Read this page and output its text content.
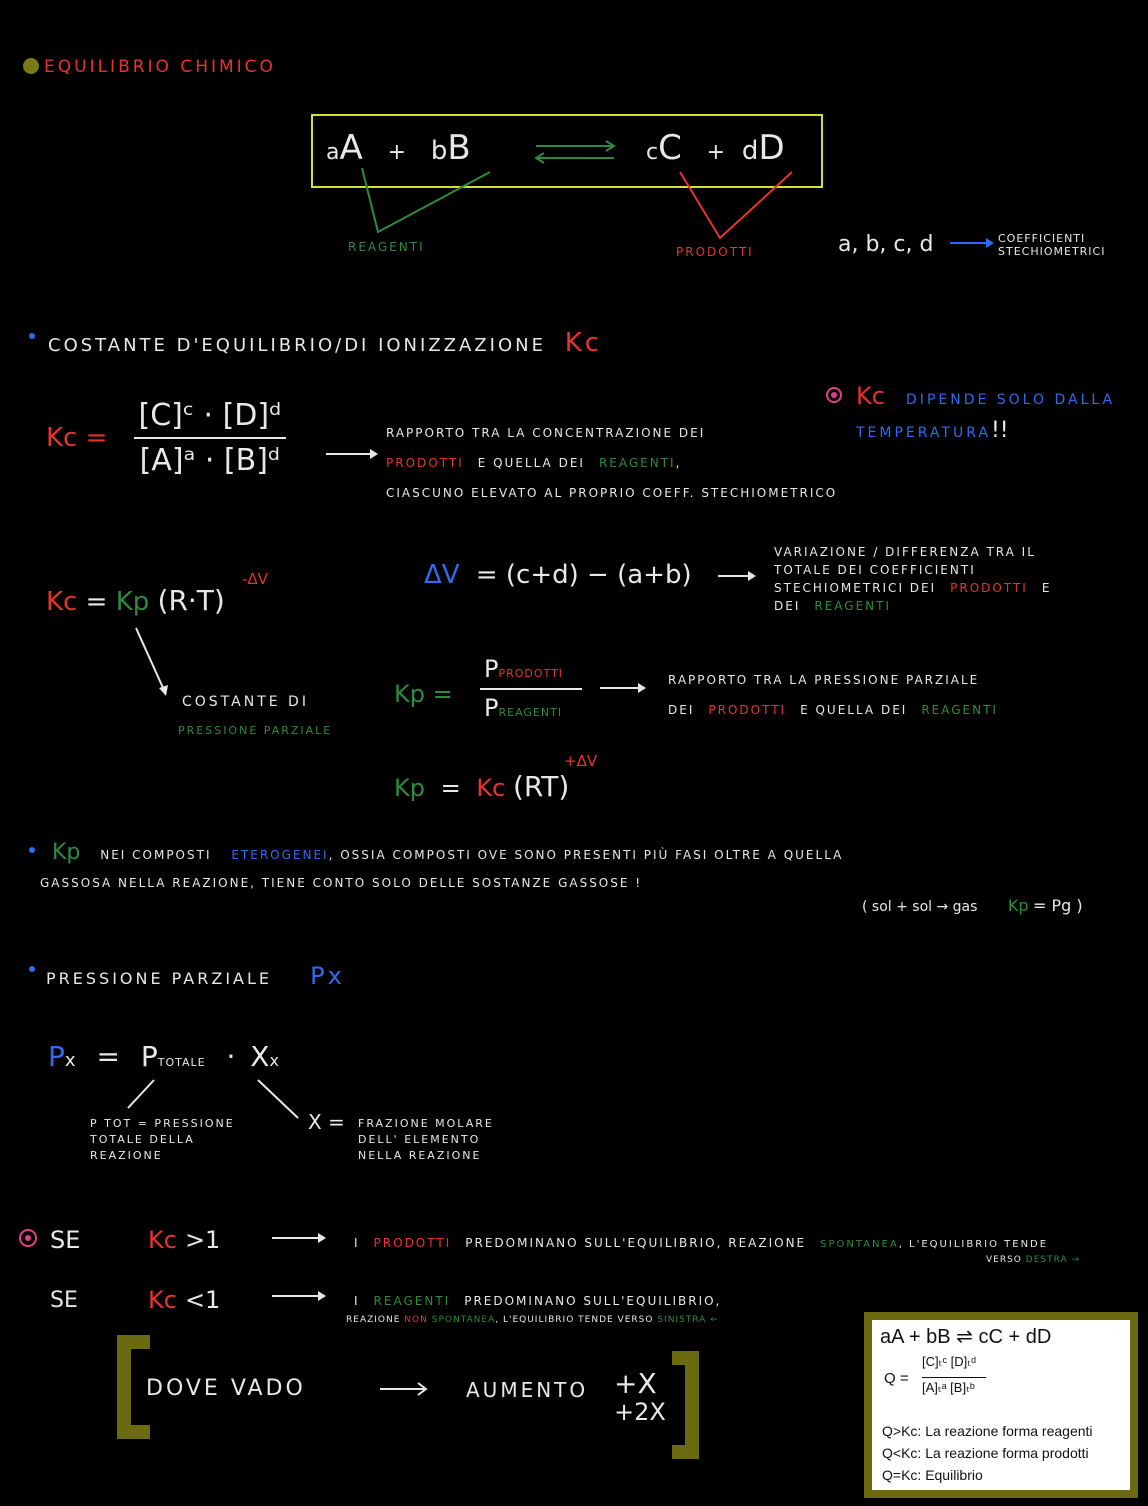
EQUILIBRIO CHIMICO
aA + bB	cC + dD
REAGENTI	PRODOTTI	a, b, c, d	COEFFICIENTI
STECHIOMETRICI
COSTANTE D'EQUILIBRIO/DI IONIZZAZIONE Kc
Kc DIPENDE SOLO DALLA
TEMPERATURA!!
$Kc = \frac{\text{[C]ᶜ · [D]ᵈ}}{\text{[A]ᵃ · [B]ᵈ}}$	RAPPORTO TRA LA CONCENTRAZIONE DEI
PRODOTTI E QUELLA DEI REAGENTI,
CIASCUNO ELEVATO AL PROPRIO COEFF. STECHIOMETRICO
Kc = Kp (R·T)
-ΔV
COSTANTE DI
PRESSIONE PARZIALE
ΔV = (c+d) − (a+b)
VARIAZIONE / DIFFERENZA TRA IL
TOTALE DEI COEFFICIENTI
STECHIOMETRICI DEI PRODOTTI E
DEI REAGENTI
Kp =
PPRODOTTI
PREAGENTI
RAPPORTO TRA LA PRESSIONE PARZIALE
DEI PRODOTTI E QUELLA DEI REAGENTI
Kp = Kc (RT)
+ΔV
Kp NEI COMPOSTI ETEROGENEI, OSSIA COMPOSTI OVE SONO PRESENTI PIÙ FASI OLTRE A QUELLA
GASSOSA NELLA REAZIONE, TIENE CONTO SOLO DELLE SOSTANZE GASSOSE !
( sol + sol → gas Kp = Pg )
PRESSIONE PARZIALE Px
Px = PTOTALE · Xx
P TOT = PRESSIONE
TOTALE DELLA
REAZIONE
X = FRAZIONE MOLARE
DELL' ELEMENTO
NELLA REAZIONE
SE	Kc >1	I PRODOTTI PREDOMINANO SULL'EQUILIBRIO, REAZIONE SPONTANEA, L'EQUILIBRIO TENDE
VERSO DESTRA →
SE	Kc <1	I REAGENTI PREDOMINANO SULL'EQUILIBRIO,
REAZIONE NON SPONTANEA, L'EQUILIBRIO TENDE VERSO SINISTRA ←
DOVE VADO	AUMENTO +X
+2X
aA + bB ⇌ cC + dD
Q =
[C]ₜᶜ [D]ₜᵈ
[A]ₜᵃ [B]ₜᵇ
Q>Kc: La reazione forma reagenti
Q<Kc: La reazione forma prodotti
Q=Kc: Equilibrio
